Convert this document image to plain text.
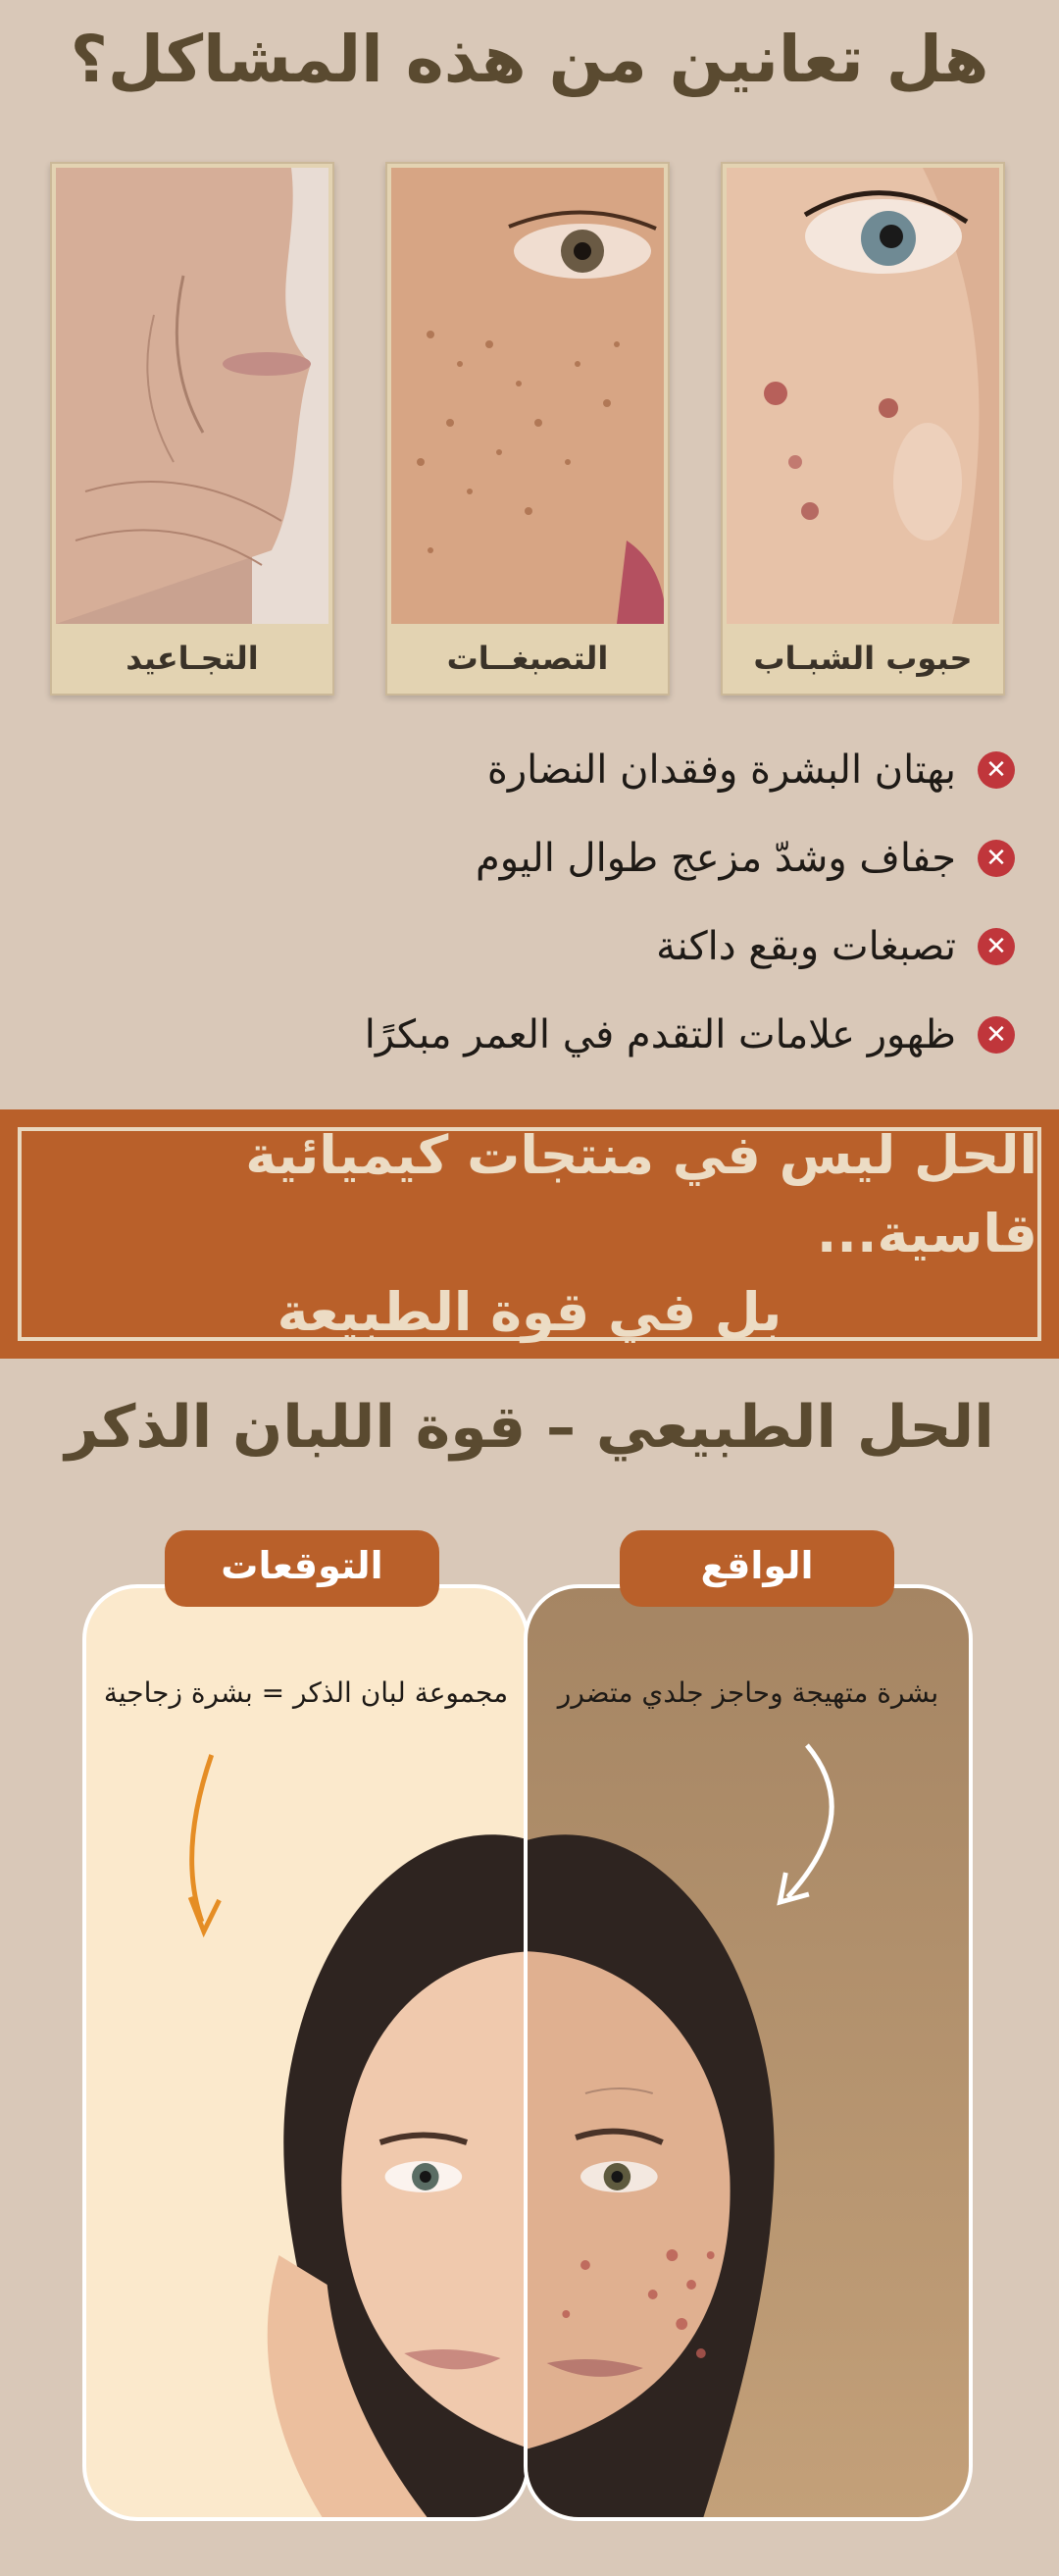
هل تعانين من هذه المشاكل؟
حبوب الشبـاب
التصبغــات
التجـاعيد
✕
بهتان البشرة وفقدان النضارة
✕
جفاف وشدّ مزعج طوال اليوم
✕
تصبغات وبقع داكنة
✕
ظهور علامات التقدم في العمر مبكرًا
الحل ليس في منتجات كيميائية قاسية...
بل في قوة الطبيعة
الحل الطبيعي – قوة اللبان الذكر
مجموعة لبان الذكر = بشرة زجاجية	بشرة متهيجة وحاجز جلدي متضرر
التوقعات	الواقع
